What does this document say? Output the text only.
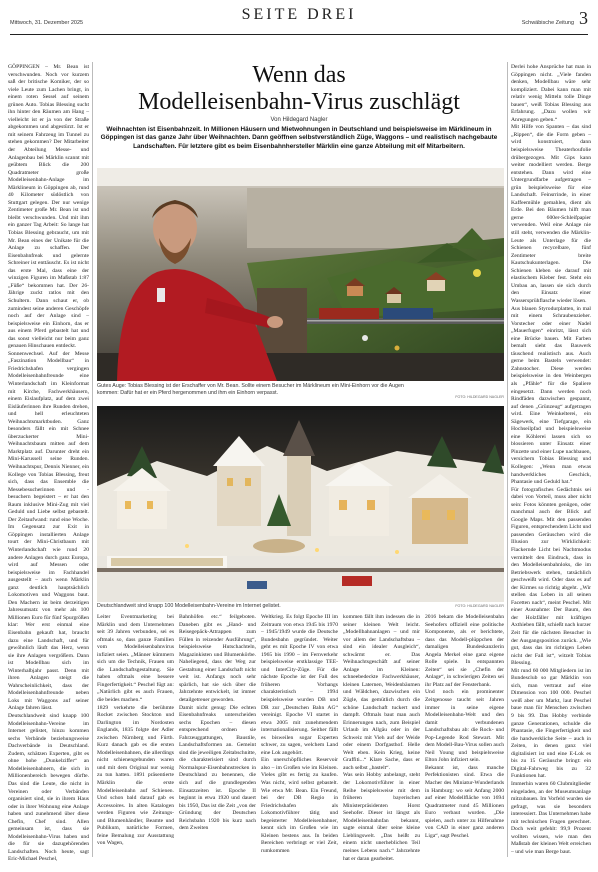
Mittwoch, 31. Dezember 2025	SEITE DREI	Schwäbische Zeitung 3

GÖPPINGEN – Mr. Bean ist verschwunden. Noch vor kurzem saß der britische Komiker, der so viele Leute zum Lachen bringt, in einem roten Sessel auf seinem grünen Auto. Tobias Blessing sucht ihn hinter den Räumen am Hang – vielleicht ist er ja von der Straße abgekommen und abgestürzt. Ist er mit seinem Fahrzeug im Tunnel zu stehen gekommen? Der Mitarbeiter der Abteilung Messe- und Anlagenbau bei Märklin scannt mit geübtem Blick die 200 Quadratmeter große Modelleisenbahn-Anlage im Märklineum in Göppingen ab, rund 40 Kilometer südöstlich von Stuttgart gelegen. Der nur wenige Zentimeter große Mr. Bean ist und bleibt verschwunden. Und mit ihm ein ganzer Tag Arbeit: So lange hat Tobias Blessing gebraucht, um mit Mr. Bean eines der Unikate für die Anlage zu schaffen. Der Eisenbahnfreak und gelernte Schreiner ist enttäuscht. Es ist nicht das erste Mal, dass eine der winzigen Figuren im Maßstab 1:87 „Füße“ bekommen hat. Der 26-Jährige zuckt ratlos mit den Schultern. Dann schaut er, ob zumindest seine anderen Geschöpfe noch auf der Anlage sind – beispielsweise ein Einhorn, das er aus einem Pferd gebastelt hat und das sonst vielleicht nur beim ganz genauen Hinschauen entdeckt.
Sonnenwechsel. Auf der Messe „Faszination Modellbau“ in Friedrichshafen vergingen Modelleisenbahnfreunde eine Winterlandschaft im Kleinformat mit Kirche, Fachwerkhäusern, einem Eislaufplatz, auf dem zwei Eisläuferinnen ihre Runden drehen, und hell erleuchteten Weihnachtsmarktbuden. Ganz besonders fällt ein mit Schnee überzuckerter Mini-Weihnachtsbaum mitten auf dem Marktplatz auf. Darunter dreht ein Mini-Karussell seine Runden. Weihnachtspur, Dennis Nienner, ein Kollege von Tobias Blessing, freut sich, dass das Ensemble die Messebesucherinnen und -besuchern begeistert – er hat den Raum inklusive Mini-Zug mit viel Geduld und Liebe selbst gebastelt. Der Zeitaufwand: rund eine Woche. Im Gegensatz zur Exit in Göppingen installierten Anlage tourt der Mini-Christbaum mit Winterlandschaft wie rund 20 andere Anlagen durch ganz Europa, wird auf Messen oder beispielsweise im Fachhandel ausgestellt – auch wenn Märklin ganz deutlich hauptsächlich Lokomotiven und Waggons baut. Den Machern ist beim derzeitigen Jahresumsatz von mehr als 100 Millionen Euro für fünf Spurgrößen klar: Wer erst einmal eine Eisenbahn gekauft hat, braucht dazu eine Landschaft, und für gewöhnlich läuft das Herz, wenn sie ihre Anlagen vergrößern. Dann ist Modellbau sich im Winterhalbjahr passt. Denn mit ihren Anlagen steigt die Wahrscheinlichkeit, dass der Modelleisenbahnfreunde neben Loks mit Waggons auf seiner Anlage fahren lässt.
Deutschlandweit sind knapp 100 Modelleisenbahn-Vereine im Internet gelistet, hinzu kommen sechs Verbände beziehungsweise Dachverbände in Deutschland. Zudem, schätzen Experten, gibt es ohne hohe „Dunkelziffer“ an Modelleisenbahnern, die sich in Millionenbereich bewegen dürfte. Das sind die Leute, die nicht in Vereinen oder Verbänden organisiert sind, sie in ihrem Haus oder in ihrer Wohnung eine Anlage haben und zunehmend über diese Chefin, Chef sind. Allen gemeinsam ist, dass sie Modelleisenbahn-Virus haben und die für sie dazugehörenden Landschaften. Noch heute, sagt Eric-Michael Peschel,

Wenn das
Modelleisenbahn-Virus zuschlägt
Von Hildegard Nagler
Weihnachten ist Eisenbahnzeit. In Millionen Häusern und Mietwohnungen in Deutschland und beispielsweise im Märklineum in Göppingen ist das ganze Jahr über Weihnachten. Dann geöffnen selbstverständlich Züge, Waggons – und realistisch nachgebaute Landschaften. Für letztere gibt es beim Eisenbahnhersteller Märklin eine ganze Abteilung mit elf Mitarbeitern.
Gutes Auge: Tobias Blessing ist der Erschaffer von Mr. Bean. Sollte einem Besucher im Märklineum ein Mini-Einhorn vor die Augen kommen: Dafür hat er ein Pferd hergenommen und ihm ein Einhorn verpasst.
FOTO: HILDEGARD NAGLER
Deutschlandweit sind knapp 100 Modelleisenbahn-Vereine im Internet gelistet.	FOTO: HILDEGARD NAGLER

Leiter Eventmarketing bei Märklin und dem Unternehmen seit 39 Jahren verbunden, sei es oftmals so, dass ganze Familien vom Modelleisenbahnvirus infiziert seien. „Männer kümmern sich um die Technik, Frauen um die Landschaftsgestaltung. Sie haben oftmals eine bessere Fingerfertigkeit.“ Peschel fügt an: „Natürlich gibt es auch Frauen, die beides machen.“
1829 verkehrte die berühmte Rocket zwischen Stockton und Darlington im Nordosten Englands, 1835 folgte der Adler zwischen Nürnberg und Fürth. Kurz danach gab es die ersten Modelleisenbahnen, die allerdings nicht schienengebunden waren und mit dem Original nur wenig zu tun hatten. 1891 präsentierte Märklin die erste Modelleisenbahn auf Schienen. Und schon bald darauf gab es Accessoires. In alten Katalogen werden Figuren wie Zeitungs- und Blumenhändler, Beamte und Publikum, natürliche Formen, feine Bemalung zur Ausstattung von Wagen,

Bahnhöfen etc.“ feilgeboten. Daneben gibt es „Hand- und Reisegepäck-Attrappen zum Füllen in reizender Ausführung“, beispielsweise Hutschachteln, Magazinkisten und Blumenkörbe. Naheliegend, dass der Weg zur Gestaltung einer Landschaft nicht weit ist. Anfangs noch sehr spärlich, hat sie sich über die Jahrzehnte entwickelt, ist immer detailgetreuer geworden.
Damit nicht genug: Die echten Eisenbahnfreaks unterscheiden sechs Epochen – diesen entsprechend ordnen sie Fahrzeuggattungen, Baustile, Landschaftsformen an. Gemeint sind die jeweiligen Zeitabschnitte, die charakterisiert sind durch Normalspur-Eisenbahnstrecken in Deutschland zu benennen, die sich auf die grundlegenden Einsatzzeiten ist. Epoche II beginnt in etwa 1920 und dauert bis 1950, Das ist die Zeit „von der Gründung der Deutschen Reichsbahn 1920 bis kurz nach dem Zweiten

Weltkrieg. Es folgt Epoche III im Zeitraum von etwa 1945 bis 1970 – 1945/1949 wurde die Deutsche Bundesbahn gegründet. Weiter geht es mit Epoche IV von etwa 1965 bis 1990 – im Fernverkehr beispielsweise erstklassige TEE- und InterCity-Züge. Für die nächste Epoche ist der Fall des früheren Vorhangs charakteristisch – 1994 beispielsweise wurden DB und DR zur „Deutschen Bahn AG“ vereinigt. Epoche VI startet in etwa 2005 mit zunehmendem internationalisierung. Seither fällt es bisweilen sogar Experten schwer, zu sagen, welchem Land eine Lok angehört.
Ein unerschöpfliches Reservoir also – im Großen wie im Kleinen. Vieles gibt es fertig zu kaufen. Was nicht, wird selbst gebastelt. Wie etwa Mr. Bean. Ein Freund, bei der DB Regio in Friedrichshafen als Lokomotivführer tätig und begeisterter Modelleisenbahner, kennt sich im Großen wie im Kleinen bestens aus. In beiden Bereichen verbringt er viel Zeit, rumkommen

kommen fällt ihm indessen die in seiner kleinen Welt leicht. „Modellbahnanlagen – und mir vor allem der Landschaftsbau – sind ein idealer Ausgleich“, schwärmt er. Das Weihnachtsgeschäft auf seiner Anlage im Kleinen: schneebedeckte Fachwerkhäuser, kleinen Laternen, Weidenbäumen und Wäldchen, dazwischen ein Zügle, das gemütlich durch die schöne Landschaft tuckert und dampft. Oftmals baut man auch Erinnerungen nach, zum Beispiel Urlaub im Allgäu oder in der Schweiz mit Vieh auf der Weide oder einem Dorfgasthof. Helle Welt eben. Kein Krieg, keine Graffiti...“ Klare Sache, dass er auch selbst „bastelt“.
Was sein Hobby anbelangt, steht der Lokomotivführer in einer Reihe beispielsweise mit dem früheren bayerischen Ministerpräsidenten Horst Seehofer. Dieser ist längst als Modelleisenbahnfan bekannt, sagte einmal über seine kleine Lieblingswelt. „Das heißt zu einem nicht unerheblichen Teil meines Lebens nach.“ Jahrzehnte hat er daran gearbeitet.

2016 bekam die Modelleisenbahn Seehofers offiziell eine politische Komponente, als er berichtete, dass das Modell-plüppchen der damaligen Bundeskanzlerin Angela Merkel eine ganz eigene Rolle spiele. In entspannten Zeiten“ sei sie „Chefin der Anlage“, in schwierigen Zeiten sei ihr Platz auf der Fensterbank.
Und noch ein prominenter Zeitgenosse taucht seit Jahren immer in seine eigene Modelleisenbahn-Welt und den damit verbundenen Landschaftsbau ab: die Rock- und Pop-Legende Rod Stewart. Mit dem Modell-Bau-Virus sollen auch Neil Young und beispielsweise Elton John infiziert sein.
Bekannt ist, dass manche Perfektionisten sind. Etwa die Macher des Miniatur-Wunderlands in Hamburg: wo seit Anfang 2000 auf einer Modellfläche von 1694 Quadratmeter rund 45 Millionen Euro verbaut wurden. „Die spielen, auch unter zu Hilfenahme von CAD in einer ganz anderen Liga“, sagt Peschel.

Derlei hohe Ansprüche hat man in Göppingen nicht. „Viele fanden denken, Modellbau wäre sehr kompliziert. Dabei kann man mit relativ wenig Mitteln tolle Dinge bauen“, weiß Tobias Blessing aus Erfahrung. „Dazu wollen wir Anregungen geben.“
Mit Hilfe von Spanten – das sind „Rippen“, die die Form geben – wird konstruiert, dann beispielsweise Theaterhoufolie drübergezogen. Mit Gips kann weiter modelliert werden. Berge entstehen. Dann wird eine Untergrundfarbe aufgetragen – grün beispielsweise für eine Landschaft. Feinsrrinde, in einer Kaffeemühle gemahlen, dient als Erde. Bei den Bäumen hilft man gerne 600er-Schleifpapier verwenden. Weil eine Anlage nie still steht, verwenden die Märklin-Leute als Unterlage für die Schienen recycelbare, fünf Zentimeter breite Kautschukunterlagen. Die Schienen kleben sie darauf mit elastischem Kleber fest. Steht ein Umbau an, lassen sie sich durch den Einsatz einer Wassersprühflasche wieder lösen.
Aus blauen Styrodurplatten, in mal mit einem Schraubenzieher. Vorstecher oder einer Nadel „Mauerfugen“ einritzt, lässt sich eine Brücke bauen. Mit Farben bemalt sieht das Bauwerk täuschend realistisch aus. Auch gerne beim Basteln verwendet: Zahnstocher. Diese werden beispielsweise in den Weinbergen als „Pfähle“ für die Spaliere eingesetzt. Dann werden noch Rindfäden dazwischen gespannt, auf denen „Grünzeug“ aufgetragen wird. Eine Weinkelterei, ein Sägewerk, eine Tiefgarage, ein Hochseilpfad und beispielsweise eine Köhlerei lassen sich so blossieren unter Einsatz einer Pinzette und einer Lupe nachbauen, versichern Tobias Blessing und Kollegen: „Wenn man etwas handwerkliches Geschick, Phantasie und Geduld hat.“
Für fotografisches Gedächtnis sei dabei von Vorteil, muss aber nicht sein: Fotos könnten genügen, oder manchmal auch der Blick auf Google Maps. Mit den passenden Figuren, entsprechendem Licht und passenden Geräuschen wird die Illusion zur Wirklichkeit: Flackernde Licht bei Nachtmodus vermittelt den Eindruck, dass in den Modelleisenbahnloks, die im Betriebswerk stehen, tatsächlich geschweißt wird. Oder dass es auf der Kirmes so richtig abgeht. „Wir stellen das Leben in all seinen Facetten nach“, meint Peschel. Mit einer Ausnahme: Der Baum, den der Holzfäller mit kräftigen Axthieben fällt, schießt nach kurzer Zeit für die nächsten Besucher in der Ausgangsposition zurück. „Wie gut, dass das im richtigen Leben nicht der Fall ist“, witzelt Tobias Blessing.
Mit rund 60 000 Mitgliedern ist im Bundesclub so gar Märklin von sich, man vertraut auf eine Dimension von 100 000. Peschel weiß aber um Markt, laut Peschel baue man für Menschen zwischen 9 bis 99. Das Hobby verbinde ganze Generationen, schulde die Phantasie, die Fingerfertigkeit und die handwerkliche Seite – auch in Zeiten, in denen ganz viel digitalisiert ist und eine E-Lok es bis zu 15 Geräusche bringt: ein Digital-Fahrweg bis zu 32 Funktionen hat.
Immerhin waren 60 Clubmitglieder eingeladen, an der Museumsanlage mitzubauen. Im Vorfeld wurden sie gefragt, was sie besonders interessiert. Das Unternehmen habe mit technischen Fragen gerechnet. Doch weit gefehlt: 99,9 Prozent wollten wissen, wie man den Maßstab der kleinen Welt erreichen – und wie man Berge baut.
